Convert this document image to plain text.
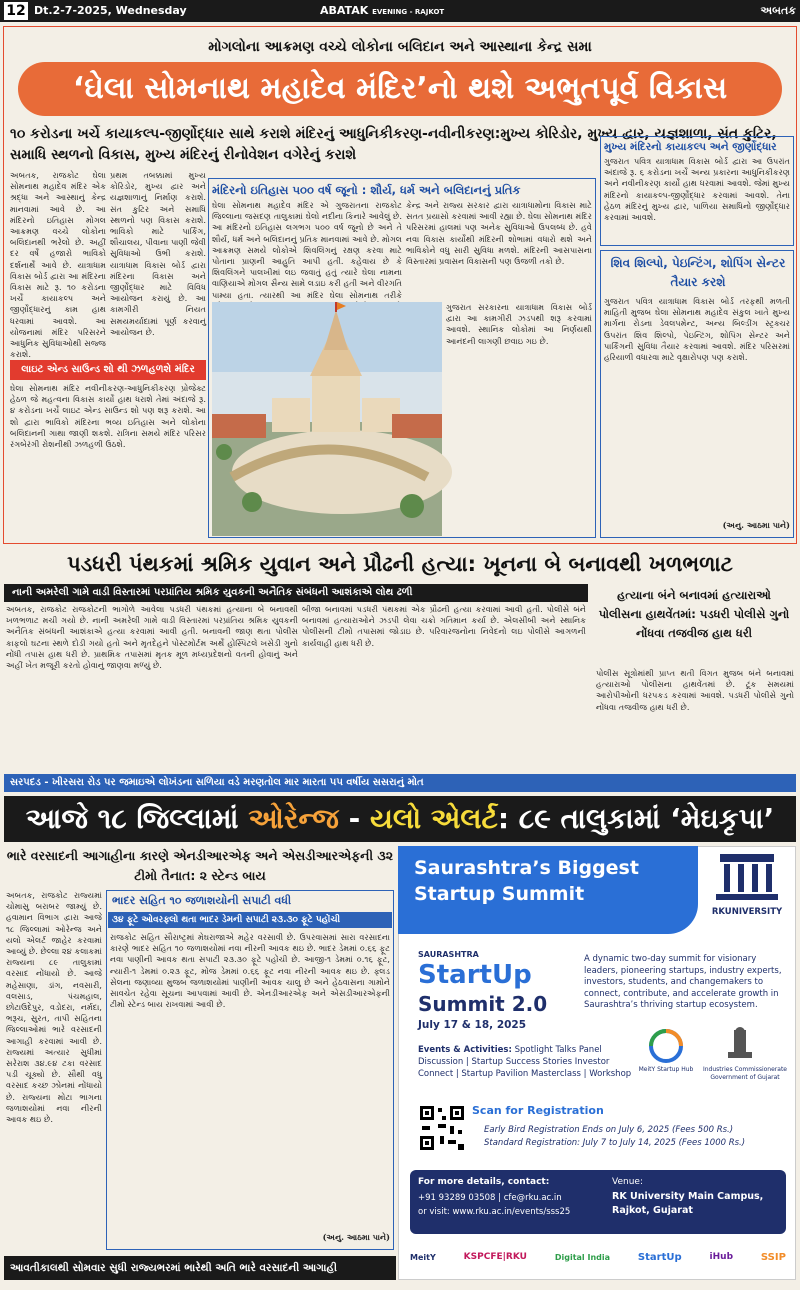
12 Dt.2-7-2025, Wednesday	ABATAK EVENING - RAJKOT	અબતક
મોગલોના આક્રમણ વચ્ચે લોકોના બલિદાન અને આસ્થાના કેન્દ્ર સમા
‘ઘેલા સોમનાથ મહાદેવ મંદિર’નો થશે અભુતપૂર્વ વિકાસ
૧૦ કરોડના ખર્ચે કાયાકલ્પ-જીર્ણોદ્ધાર સાથે કરાશે મંદિરનું આધુનિકીકરણ-નવીનીકરણ:મુખ્ય કોરિડોર, મુખ્ય દ્વાર, યજ્ઞશાળા, સંત કુટિર, સમાધિ સ્થળનો વિકાસ, મુખ્ય મંદિરનું રીનોવેશન વગેરેનું કરાશે
અબતક, રાજકોટ ઘેલા સોમનાથ મહાદેવ મંદિર એક શ્રદ્ધા અને આસ્થાનું કેન્દ્ર માનવામાં આવે છે. આ મંદિરનો ઇતિહાસ મોગલ આક્રમણ વચ્ચે લોકોના બલિદાનથી ભરેલો છે. અહીં દર વર્ષે હજારો ભાવિકો દર્શનાર્થે આવે છે. યાત્રાધામ વિકાસ બોર્ડ દ્વારા આ મંદિરના વિકાસ માટે રૂ. ૧૦ કરોડના ખર્ચે કાયાકલ્પ અને જીર્ણોદ્ધારનું કામ હાથ ધરવામાં આવશે. આ યોજનામાં મંદિર પરિસરને આધુનિક સુવિધાઓથી સજ્જ કરાશે.
પ્રથમ તબક્કામાં મુખ્ય કોરિડોર, મુખ્ય દ્વાર અને યજ્ઞશાળાનું નિર્માણ કરાશે. સંત કુટિર અને સમાધિ સ્થળનો પણ વિકાસ કરાશે. ભાવિકો માટે પાર્કિંગ, શૌચાલય, પીવાના પાણી જેવી સુવિધાઓ ઉભી કરાશે. યાત્રાધામ વિકાસ બોર્ડ દ્વારા મંદિરના વિકાસ અને જીર્ણોદ્ધાર માટે વિવિધ આયોજન કરાયું છે. આ કામગીરી નિયત સમયમર્યાદામાં પૂર્ણ કરવાનું આયોજન છે.
મંદિરનો ઇતિહાસ ૫૦૦ વર્ષ જૂનો : શૌર્ય, ધર્મ અને બલિદાનનું પ્રતિક
ઘેલા સોમનાથ મહાદેવ મંદિર એ ગુજરાતના રાજકોટ જિલ્લાના જસદણ તાલુકામાં ઘેલો નદીના કિનારે આવેલું છે. આ મંદિરનો ઇતિહાસ લગભગ ૫૦૦ વર્ષ જૂનો છે અને તે શૌર્ય, ધર્મ અને બલિદાનનું પ્રતિક માનવામાં આવે છે. મોગલ આક્રમણ સમયે લોકોએ શિવલિંગનું રક્ષણ કરવા માટે પોતાના પ્રાણની આહુતિ આપી હતી. કહેવાય છે કે શિવલિંગને પાલખીમાં લઇ જવાતું હતું ત્યારે ઘેલા નામના વાણિયાએ મોગલ સૈન્ય સામે લડાઇ કરી હતી અને વીરગતિ પામ્યા હતા. ત્યારથી આ મંદિર ઘેલા સોમનાથ તરીકે
કેન્દ્ર અને રાજ્ય સરકાર દ્વારા યાત્રાધામોના વિકાસ માટે સતત પ્રયાસો કરવામાં આવી રહ્યા છે. ઘેલા સોમનાથ મંદિર પરિસરમાં હાલમાં પણ અનેક સુવિધાઓ ઉપલબ્ધ છે. હવે નવા વિકાસ કાર્યોથી મંદિરની શોભામાં વધારો થશે અને ભાવિકોને વધુ સારી સુવિધા મળશે. મંદિરની આસપાસના વિસ્તારમાં પ્રવાસન વિકાસની પણ ઉજળી તકો છે.
ગુજરાત સરકારના યાત્રાધામ વિકાસ બોર્ડ દ્વારા આ કામગીરી ઝડપથી શરૂ કરવામાં આવશે. સ્થાનિક લોકોમાં આ નિર્ણયથી આનંદની લાગણી છવાઇ ગઇ છે.
લાઇટ એન્ડ સાઉન્ડ શો થી ઝળહળશે મંદિર
ઘેલા સોમનાથ મંદિર નવીનીકરણ-આધુનિકીકરણ પ્રોજેક્ટ હેઠળ જે મહત્વના વિકાસ કાર્યો હાથ ધરાશે તેમાં અંદાજે રૂ. ૪ કરોડના ખર્ચે લાઇટ એન્ડ સાઉન્ડ શો પણ શરૂ કરાશે. આ શો દ્વારા ભાવિકો મંદિરના ભવ્ય ઇતિહાસ અને લોકોના બલિદાનની ગાથા જાણી શકશે. રાત્રિના સમયે મંદિર પરિસર રંગબેરંગી રોશનીથી ઝળહળી ઉઠશે.
મુખ્ય મંદિરનો કાયાકલ્પ અને જીર્ણોદ્ધાર
ગુજરાત પવિત્ર યાત્રાધામ વિકાસ બોર્ડ દ્વારા આ ઉપરાંત અંદાજે રૂ. ૬ કરોડના ખર્ચે અન્ય પ્રકારના આધુનિકીકરણ અને નવીનીકરણ કાર્યો હાથ ધરવામાં આવશે. જેમાં મુખ્ય મંદિરનો કાયાકલ્પ-જીર્ણોદ્ધાર કરવામાં આવશે. તેના હેઠળ મંદિરનું મુખ્ય દ્વાર, પાળિયા સમાધિનો જીર્ણોદ્ધાર કરવામાં આવશે.
શિવ શિલ્પો, પેઇન્ટિંગ, શોપિંગ સેન્ટર તૈયાર કરશે
ગુજરાત પવિત્ર યાત્રાધામ વિકાસ બોર્ડ તરફથી મળતી માહિતી મુજબ ઘેલા સોમનાથ મહાદેવ સંકુલ ખાતે મુખ્ય માર્ગના રોડના ડેવલપમેન્ટ, અન્ય બિલ્ડીંગ સ્ટ્રક્ચર ઉપરાંત શિવ શિલ્પો, પેઇન્ટિંગ, શોપિંગ સેન્ટર અને પાર્કિંગની સુવિધા તૈયાર કરવામાં આવશે. મંદિર પરિસરમાં હરિયાળી વધારવા માટે વૃક્ષારોપણ પણ કરાશે.
(અનુ. આઠમા પાને)
પડધરી પંથકમાં શ્રમિક યુવાન અને પ્રૌઢની હત્યા: ખૂનના બે બનાવથી ખળભળાટ
નાની અમરેલી ગામે વાડી વિસ્તારમાં પરપ્રાંતિય શ્રમિક યુવકની અનૈતિક સંબંધની આશંકાએ લોથ ઢળી
અબતક, રાજકોટ રાજકોટની ભાગોળે આવેલા પડધરી પંથકમાં હત્યાના બે બનાવથી ખળભળાટ મચી ગયો છે. નાની અમરેલી ગામે વાડી વિસ્તારમાં પરપ્રાંતિય શ્રમિક યુવકની અનૈતિક સંબંધની આશંકાએ હત્યા કરવામાં આવી હતી. બનાવની જાણ થતા પોલીસ કાફલો ઘટના સ્થળે દોડી ગયો હતો અને મૃતદેહને પોસ્ટમોર્ટમ અર્થે હોસ્પિટલે ખસેડી ગુનો નોંધી તપાસ હાથ ધરી છે. પ્રાથમિક તપાસમાં મૃતક મૂળ મધ્યપ્રદેશનો વતની હોવાનું અને અહીં ખેત મજૂરી કરતો હોવાનું જાણવા મળ્યું છે.
બીજા બનાવમાં પડધરી પંથકમાં એક પ્રૌઢની હત્યા કરવામાં આવી હતી. પોલીસે બંને બનાવમાં હત્યારાઓને ઝડપી લેવા ચક્રો ગતિમાન કર્યા છે. એલસીબી અને સ્થાનિક પોલીસની ટીમો તપાસમાં જોડાઇ છે. પરિવારજનોના નિવેદનો લઇ પોલીસે આગળની કાર્યવાહી હાથ ધરી છે.
હત્યાના બંને બનાવમાં હત્યારાઓ પોલીસના હાથવેંતમાં: પડધરી પોલીસે ગુનો નોંધવા તજવીજ હાથ ધરી
પોલીસ સૂત્રોમાંથી પ્રાપ્ત થતી વિગત મુજબ બંને બનાવમાં હત્યારાઓ પોલીસના હાથવેંતમાં છે. ટૂંક સમયમાં આરોપીઓની ધરપકડ કરવામાં આવશે. પડધરી પોલીસે ગુનો નોંધવા તજવીજ હાથ ધરી છે.
સરપદડ - ખીરસરા રોડ પર જમાઇએ લોખંડના સળિયા વડે મરણતોલ માર મારતા ૫૫ વર્ષીય સસરાનું મોત
આજે ૧૮ જિલ્લામાં ઓરેન્જ - યલો એલર્ટ: ૮૯ તાલુકામાં ‘મેઘકૃપા’
ભારે વરસાદની આગાહીના કારણે એનડીઆરએફ અને એસડીઆરએફની ૩૨ ટીમો તૈનાત: ૨ સ્ટેન્ડ બાય
અબતક, રાજકોટ રાજ્યમાં ચોમાસુ બરાબર જામ્યું છે. હવામાન વિભાગ દ્વારા આજે ૧૮ જિલ્લામાં ઓરેન્જ અને યલો એલર્ટ જાહેર કરવામાં આવ્યું છે. છેલ્લા ૨૪ કલાકમાં રાજ્યના ૮૯ તાલુકામાં વરસાદ નોંધાયો છે. આજે મહેસાણા, ડાંગ, નવસારી, વલસાડ, પંચમહાલ, છોટાઉદેપુર, વડોદરા, નર્મદા, ભરૂચ, સુરત, તાપી સહિતના જિલ્લાઓમાં ભારે વરસાદની આગાહી કરવામાં આવી છે. રાજ્યમાં અત્યાર સુધીમાં સરેરાશ ૩૪.૯૪ ટકા વરસાદ પડી ચૂક્યો છે. સૌથી વધુ વરસાદ કચ્છ ઝોનમાં નોંધાયો છે. રાજ્યના મોટા ભાગના જળાશયોમાં નવા નીરની આવક થઇ છે.
ભાદર સહિત ૧૦ જળાશયોની સપાટી વધી
૩૪ ફૂટે ઓવરફ્લો થતા ભાદર ડેમની સપાટી ૨૩.૩૦ ફૂટે પહોંચી
રાજકોટ સહિત સૌરાષ્ટ્રમાં મેઘરાજાએ મહેર વરસાવી છે. ઉપરવાસમાં સારા વરસાદના કારણે ભાદર સહિત ૧૦ જળાશયોમાં નવા નીરની આવક થઇ છે. ભાદર ડેમમાં ૦.૬૬ ફૂટ નવા પાણીની આવક થતા સપાટી ૨૩.૩૦ ફૂટે પહોંચી છે. આજી-૧ ડેમમાં ૦.૧૬ ફૂટ, ન્યારી-૧ ડેમમાં ૦.૨૩ ફૂટ, મોજ ડેમમાં ૦.૬૬ ફૂટ નવા નીરની આવક થઇ છે. ફ્લડ સેલના જણાવ્યા મુજબ જળાશયોમાં પાણીની આવક ચાલુ છે અને હેઠવાસના ગામોને સાવચેત રહેવા સૂચના આપવામાં આવી છે. એનડીઆરએફ અને એસડીઆરએફની ટીમો સ્ટેન્ડ બાય રાખવામાં આવી છે.
(અનુ. આઠમા પાને)
આવતીકાલથી સોમવાર સુધી રાજ્યભરમાં ભારેથી અતિ ભારે વરસાદની આગાહી
Saurashtra’s Biggest
Startup Summit
RKUNIVERSITY
SAURASHTRA
StartUp
Summit 2.0
July 17 & 18, 2025
A dynamic two-day summit for visionary leaders, pioneering startups, industry experts, investors, students, and changemakers to connect, contribute, and accelerate growth in Saurashtra’s thriving startup ecosystem.
Events & Activities: Spotlight Talks Panel Discussion | Startup Success Stories Investor Connect | Startup Pavilion Masterclass | Workshop	MeitY Startup Hub	Industries Commissionerate Government of Gujarat
Scan for Registration
Early Bird Registration Ends on July 6, 2025 (Fees 500 Rs.)
Standard Registration: July 7 to July 14, 2025 (Fees 1000 Rs.)
For more details, contact:
+91 93289 03508 | cfe@rku.ac.in
or visit: www.rku.ac.in/events/sss25
Venue:
RK University Main Campus,
Rajkot, Gujarat
MeitY	KSPCFE|RKU	Digital India	StartUp	iHub	SSIP
